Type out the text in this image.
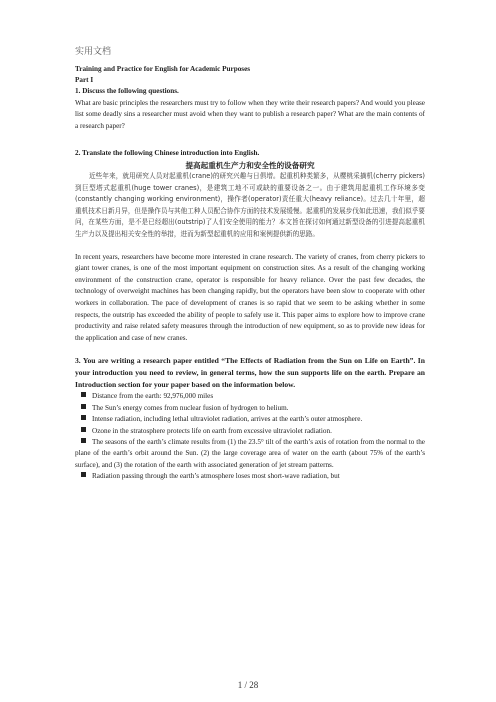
实用文档
Training and Practice for English for Academic Purposes
Part I
1. Discuss the following questions.

What are basic principles the researchers must try to follow when they write their research papers? And would you please list some deadly sins a researcher must avoid when they want to publish a research paper? What are the main contents of a research paper?

2. Translate the following Chinese introduction into English.
提高起重机生产力和安全性的设备研究

近些年来，就用研究人员对起重机(crane)的研究兴趣与日俱增。起重机种类繁多，从樱桃采摘机(cherry pickers)到巨型塔式起重机(huge tower cranes)，是建筑工地不可或缺的重要设备之一。由于建筑用起重机工作环境多变(constantly changing working environment)，操作者(operator)责任重大(heavy reliance)。过去几十年里，超重机技术日新月异，但是操作员与其他工种人员配合协作方面的技术发展缓慢。起重机的发展步伐如此迅速，我们似乎要问，在某些方面，是不是已经超出(outstrip)了人们安全使用的能力？本文旨在探讨如何通过新型设备的引进提高起重机生产力以及提出相关安全性的举措，进而为新型起重机的应用和案例提供新的思路。

In recent years, researchers have become more interested in crane research. The variety of cranes, from cherry pickers to giant tower cranes, is one of the most important equipment on construction sites. As a result of the changing working environment of the construction crane, operator is responsible for heavy reliance. Over the past few decades, the technology of overweight machines has been changing rapidly, but the operators have been slow to cooperate with other workers in collaboration. The pace of development of cranes is so rapid that we seem to be asking whether in some respects, the outstrip has exceeded the ability of people to safely use it. This paper aims to explore how to improve crane productivity and raise related safety measures through the introduction of new equipment, so as to provide new ideas for the application and case of new cranes.

3. You are writing a research paper entitled “The Effects of Radiation from the Sun on Life on Earth”. In your introduction you need to review, in general terms, how the sun supports life on the earth. Prepare an Introduction section for your paper based on the information below.

Distance from the earth: 92,976,000 miles
The Sun’s energy comes from nuclear fusion of hydrogen to helium.
Intense radiation, including lethal ultraviolet radiation, arrives at the earth’s outer atmosphere.
Ozone in the stratosphere protects life on earth from excessive ultraviolet radiation.
The seasons of the earth’s climate results from (1) the 23.5° tilt of the earth’s axis of rotation from the normal to the plane of the earth’s orbit around the Sun. (2) the large coverage area of water on the earth (about 75% of the earth’s surface), and (3) the rotation of the earth with associated generation of jet stream patterns.
Radiation passing through the earth’s atmosphere loses most short-wave radiation, but
1 / 28
